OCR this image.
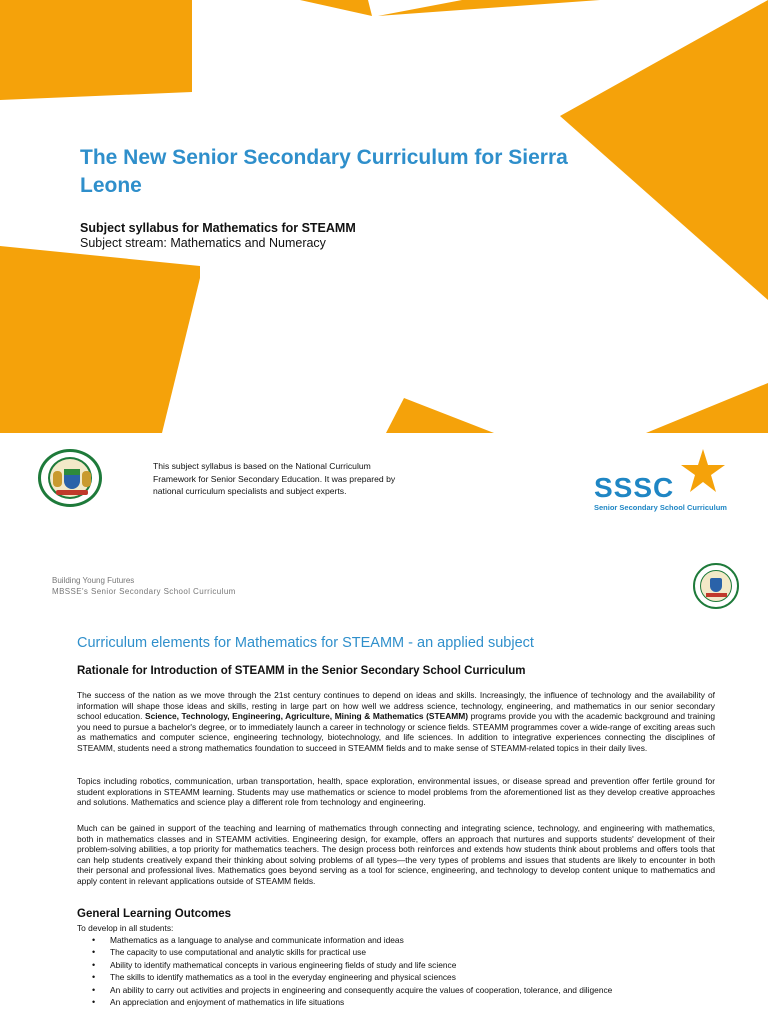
The New Senior Secondary Curriculum for Sierra Leone
Subject syllabus for Mathematics for STEAMM
Subject stream: Mathematics and Numeracy
This subject syllabus is based on the National Curriculum Framework for Senior Secondary Education. It was prepared by national curriculum specialists and subject experts.	SSSC
Senior Secondary School Curriculum
Building Young Futures
MBSSE's Senior Secondary School Curriculum
Curriculum elements for Mathematics for STEAMM - an applied subject
Rationale for Introduction of STEAMM in the Senior Secondary School Curriculum

The success of the nation as we move through the 21st century continues to depend on ideas and skills. Increasingly, the influence of technology and the availability of information will shape those ideas and skills, resting in large part on how well we address science, technology, engineering, and mathematics in our senior secondary school education. Science, Technology, Engineering, Agriculture, Mining & Mathematics (STEAMM) programs provide you with the academic background and training you need to pursue a bachelor's degree, or to immediately launch a career in technology or science fields. STEAMM programmes cover a wide-range of exciting areas such as mathematics and computer science, engineering technology, biotechnology, and life sciences. In addition to integrative experiences connecting the disciplines of STEAMM, students need a strong mathematics foundation to succeed in STEAMM fields and to make sense of STEAMM-related topics in their daily lives.

Topics including robotics, communication, urban transportation, health, space exploration, environmental issues, or disease spread and prevention offer fertile ground for student explorations in STEAMM learning. Students may use mathematics or science to model problems from the aforementioned list as they develop creative approaches and solutions. Mathematics and science play a different role from technology and engineering.

Much can be gained in support of the teaching and learning of mathematics through connecting and integrating science, technology, and engineering with mathematics, both in mathematics classes and in STEAMM activities. Engineering design, for example, offers an approach that nurtures and supports students' development of their problem-solving abilities, a top priority for mathematics teachers. The design process both reinforces and extends how students think about problems and offers tools that can help students creatively expand their thinking about solving problems of all types—the very types of problems and issues that students are likely to encounter in both their personal and professional lives. Mathematics goes beyond serving as a tool for science, engineering, and technology to develop content unique to mathematics and apply content in relevant applications outside of STEAMM fields.

General Learning Outcomes
To develop in all students:
• Mathematics as a language to analyse and communicate information and ideas
• The capacity to use computational and analytic skills for practical use
• Ability to identify mathematical concepts in various engineering fields of study and life science
• The skills to identify mathematics as a tool in the everyday engineering and physical sciences
• An ability to carry out activities and projects in engineering and consequently acquire the values of cooperation, tolerance, and diligence
• An appreciation and enjoyment of mathematics in life situations
